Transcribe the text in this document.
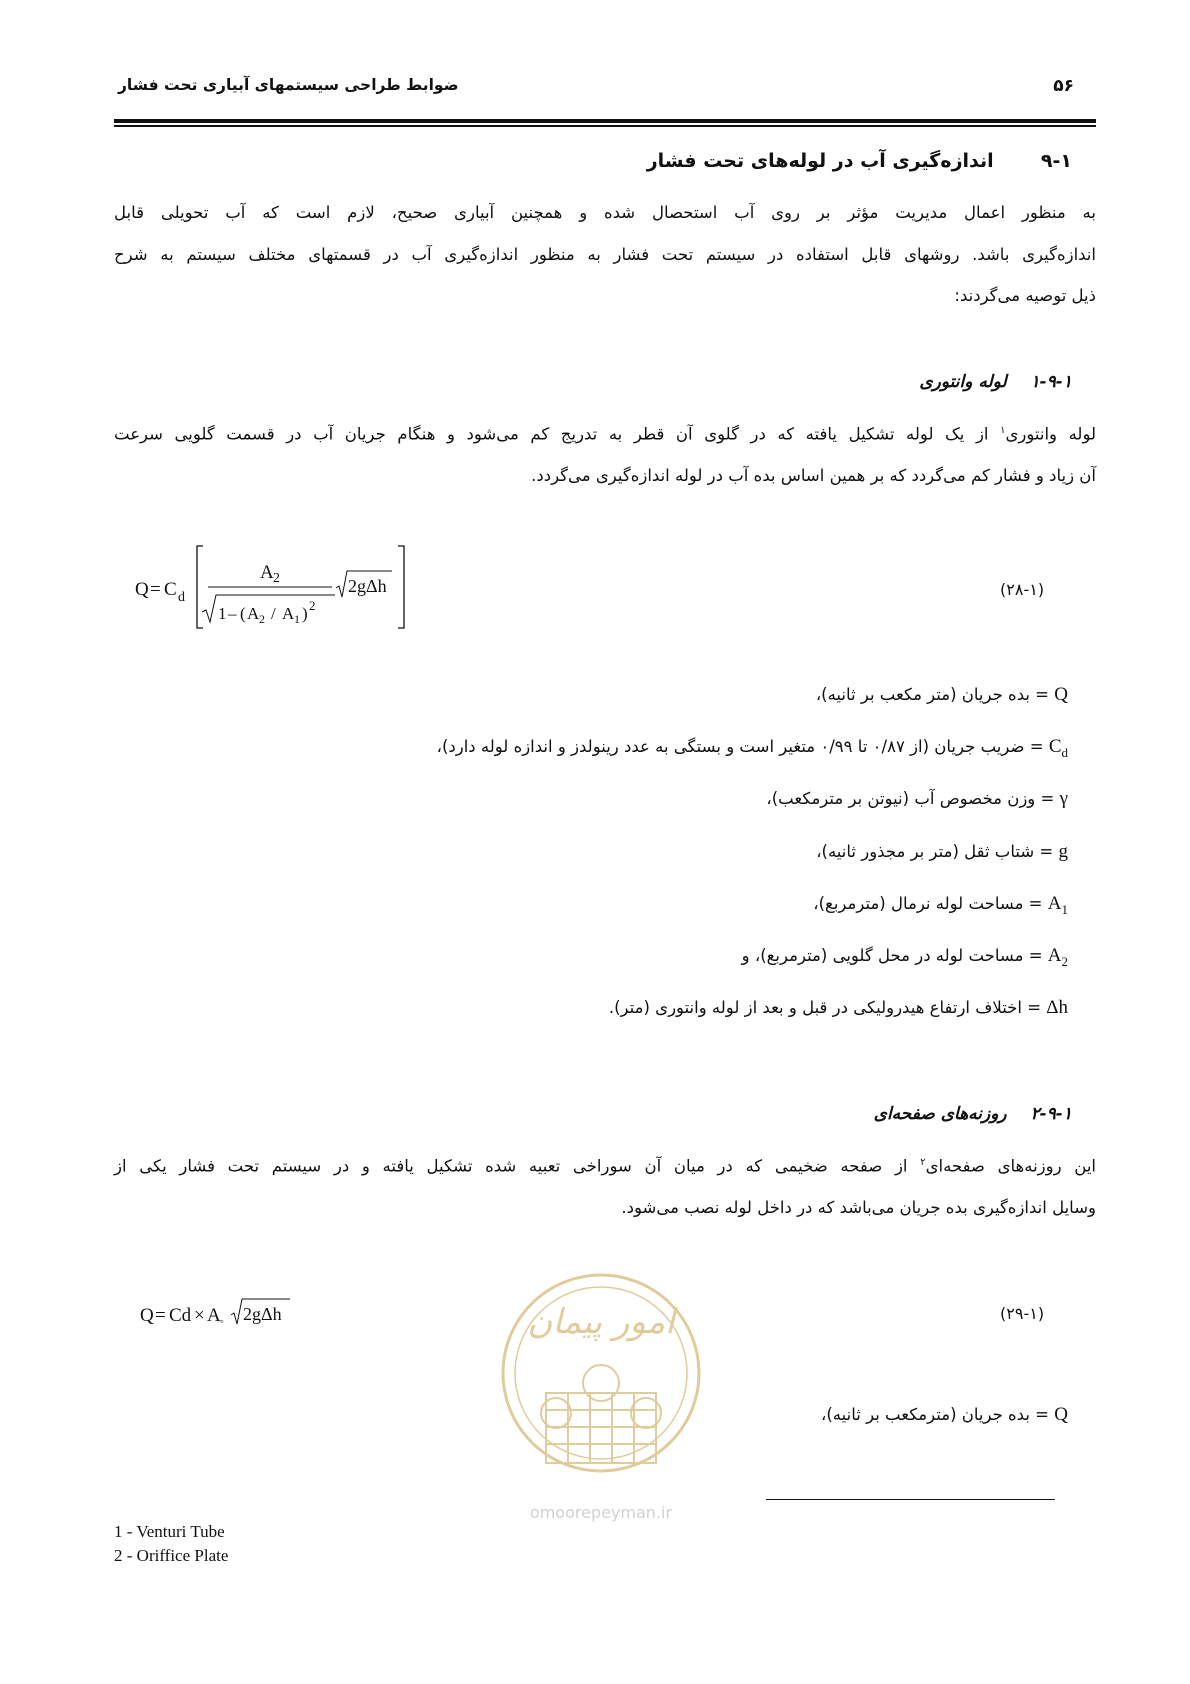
ضوابط طراحی سیستمهای آبیاری تحت فشار	۵۶
۹-۱  اندازه‌گیری آب در لوله‌های تحت فشار
به منظور اعمال مدیریت مؤثر بر روی آب استحصال شده و همچنین آبیاری صحیح، لازم است که آب تحویلی قابل
اندازه‌گیری باشد. روشهای قابل استفاده در سیستم تحت فشار به منظور اندازه‌گیری آب در قسمتهای مختلف سیستم به شرح
ذیل توصیه می‌گردند:
۱-۹-۱  لوله وانتوری
لوله وانتوری$^۱$ از یک لوله تشکیل یافته که در گلوی آن قطر به تدریج کم می‌شود و هنگام جریان آب در قسمت گلویی سرعت
آن زیاد و فشار کم می‌گردد که بر همین اساس بده آب در لوله اندازه‌گیری می‌گردد.
Q = C d
A 2
1 – ( A 2 / A 1 ) 2
2gΔh	(۲۸-۱)
Q = بده جریان (متر مکعب بر ثانیه)،
$C_d$ = ضریب جریان (از ۰/۸۷ تا ۰/۹۹ متغیر است و بستگی به عدد رینولدز و اندازه لوله دارد)،
γ = وزن مخصوص آب (نیوتن بر مترمکعب)،
g = شتاب ثقل (متر بر مجذور ثانیه)،
$A_1$ = مساحت لوله نرمال (مترمربع)،
$A_2$ = مساحت لوله در محل گلویی (مترمربع)، و
Δh = اختلاف ارتفاع هیدرولیکی در قبل و بعد از لوله وانتوری (متر).
۲-۹-۱  روزنه‌های صفحه‌ای
این روزنه‌های صفحه‌ای$^۲$ از صفحه ضخیمی که در میان آن سوراخی تعبیه شده تشکیل یافته و در سیستم تحت فشار یکی از
وسایل اندازه‌گیری بده جریان می‌باشد که در داخل لوله نصب می‌شود.
Q = Cd × A ◦ 2gΔh	(۲۹-۱)
Q = بده جریان (مترمکعب بر ثانیه)،
امور پیمان
omoorepeyman.ir
1 - Venturi Tube
2 - Oriffice Plate
